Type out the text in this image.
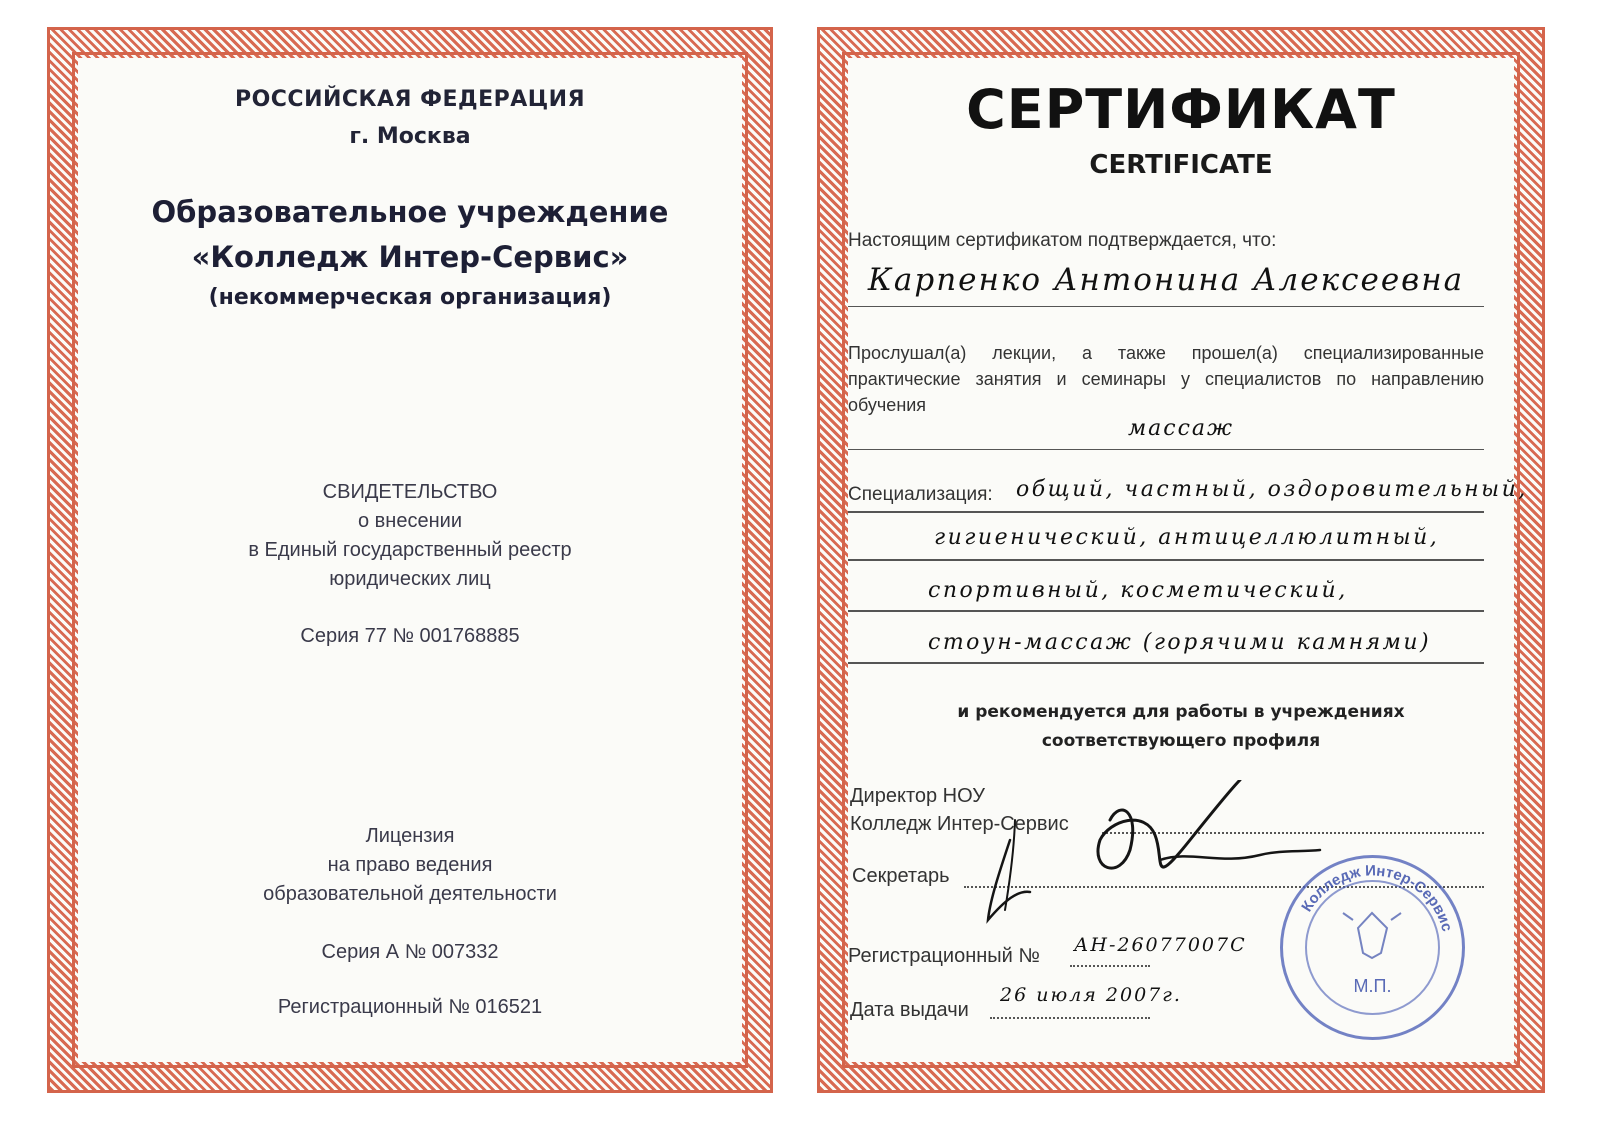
РОССИЙСКАЯ ФЕДЕРАЦИЯ
г. Москва
Образовательное учреждение
«Колледж Интер-Сервис»
(некоммерческая организация)
СВИДЕТЕЛЬСТВО
о внесении
в Единый государственный реестр
юридических лиц
Серия 77 № 001768885
Лицензия
на право ведения
образовательной деятельности
Серия А № 007332
Регистрационный № 016521
СЕРТИФИКАТ
CERTIFICATE
Настоящим сертификатом подтверждается, что:
Карпенко Антонина Алексеевна
Прослушал(а) лекции, а также прошел(а) специализированные практические занятия и семинары у специалистов по направлению обучения
массаж
Специализация: общий, частный, оздоровительный,
гигиенический, антицеллюлитный,
спортивный, косметический,
стоун-массаж (горячими камнями)
и рекомендуется для работы в учреждениях
соответствующего профиля
Директор НОУ
Колледж Интер-Сервис
Секретарь
Регистрационный № АН-26077007С
Дата выдачи
26 июля 2007г.
Колледж Интер-Сервис
М.П.
